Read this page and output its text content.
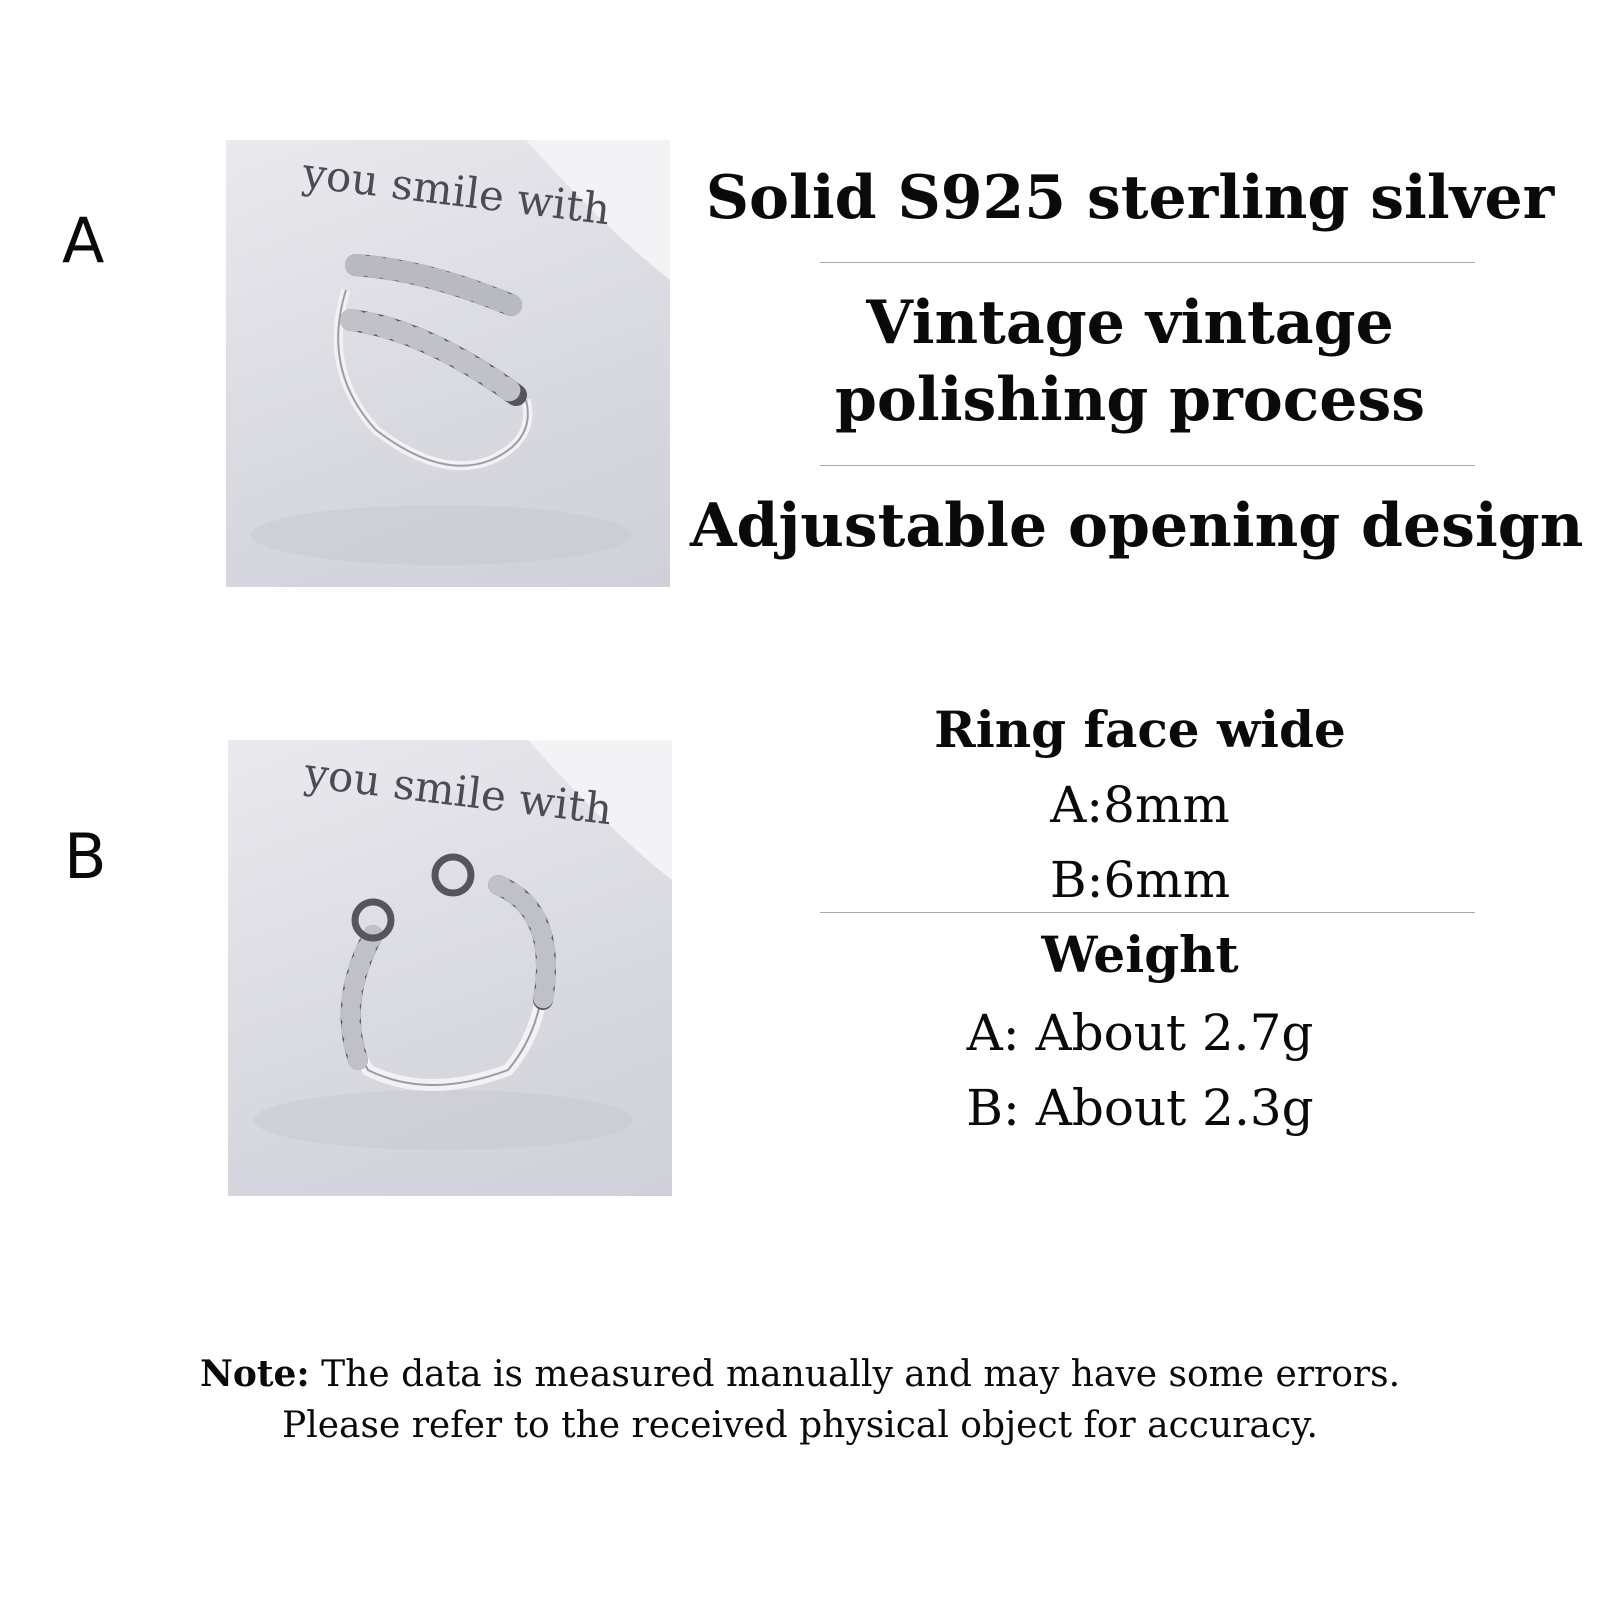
A
B
you smile with
you smile with
Solid S925 sterling silver
Vintage vintage
polishing process
Adjustable opening design
Ring face wide
A:8mm
B:6mm
Weight
A: About 2.7g
B: About 2.3g
Note: The data is measured manually and may have some errors.
Please refer to the received physical object for accuracy.
